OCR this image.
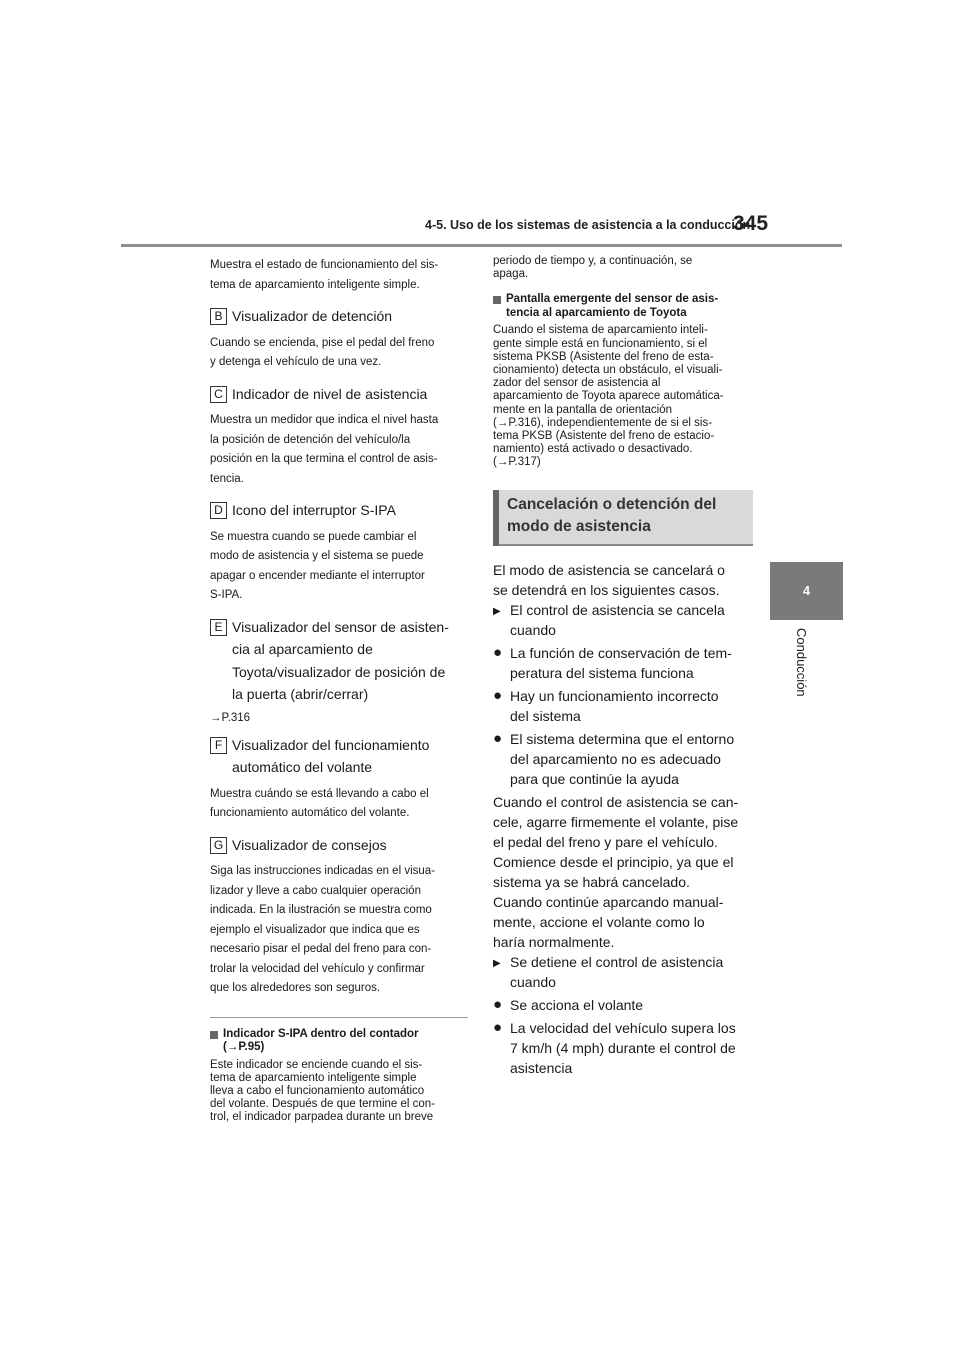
4-5. Uso de los sistemas de asistencia a la conducción
345
4
Conducción

Muestra el estado de funcionamiento del sis-

tema de aparcamiento inteligente simple.

B Visualizador de detención

Cuando se encienda, pise el pedal del freno

y detenga el vehículo de una vez.

C Indicador de nivel de asistencia

Muestra un medidor que indica el nivel hasta

la posición de detención del vehículo/la

posición en la que termina el control de asis-

tencia.

D Icono del interruptor S-IPA

Se muestra cuando se puede cambiar el

modo de asistencia y el sistema se puede

apagar o encender mediante el interruptor

S-IPA.

E Visualizador del sensor de asisten-
cia al aparcamiento de
Toyota/visualizador de posición de
la puerta (abrir/cerrar)

→P.316

F Visualizador del funcionamiento
automático del volante

Muestra cuándo se está llevando a cabo el

funcionamiento automático del volante.

G Visualizador de consejos

Siga las instrucciones indicadas en el visua-

lizador y lleve a cabo cualquier operación

indicada. En la ilustración se muestra como

ejemplo el visualizador que indica que es

necesario pisar el pedal del freno para con-

trolar la velocidad del vehículo y confirmar

que los alrededores son seguros.

Indicador S-IPA dentro del contador
(→P.95)

Este indicador se enciende cuando el sis-

tema de aparcamiento inteligente simple

lleva a cabo el funcionamiento automático

del volante. Después de que termine el con-

trol, el indicador parpadea durante un breve

periodo de tiempo y, a continuación, se

apaga.

Pantalla emergente del sensor de asis-
tencia al aparcamiento de Toyota

Cuando el sistema de aparcamiento inteli-

gente simple está en funcionamiento, si el

sistema PKSB (Asistente del freno de esta-

cionamiento) detecta un obstáculo, el visuali-

zador del sensor de asistencia al

aparcamiento de Toyota aparece automática-

mente en la pantalla de orientación

(→P.316), independientemente de si el sis-

tema PKSB (Asistente del freno de estacio-

namiento) está activado o desactivado.

(→P.317)

Cancelación o detención del
modo de asistencia

El modo de asistencia se cancelará o

se detendrá en los siguientes casos.

▶ El control de asistencia se cancela
cuando
● La función de conservación de tem-
peratura del sistema funciona
● Hay un funcionamiento incorrecto
del sistema
● El sistema determina que el entorno
del aparcamiento no es adecuado
para que continúe la ayuda

Cuando el control de asistencia se can-

cele, agarre firmemente el volante, pise

el pedal del freno y pare el vehículo.

Comience desde el principio, ya que el

sistema ya se habrá cancelado.

Cuando continúe aparcando manual-

mente, accione el volante como lo

haría normalmente.

▶ Se detiene el control de asistencia
cuando
● Se acciona el volante
● La velocidad del vehículo supera los
7 km/h (4 mph) durante el control de
asistencia
